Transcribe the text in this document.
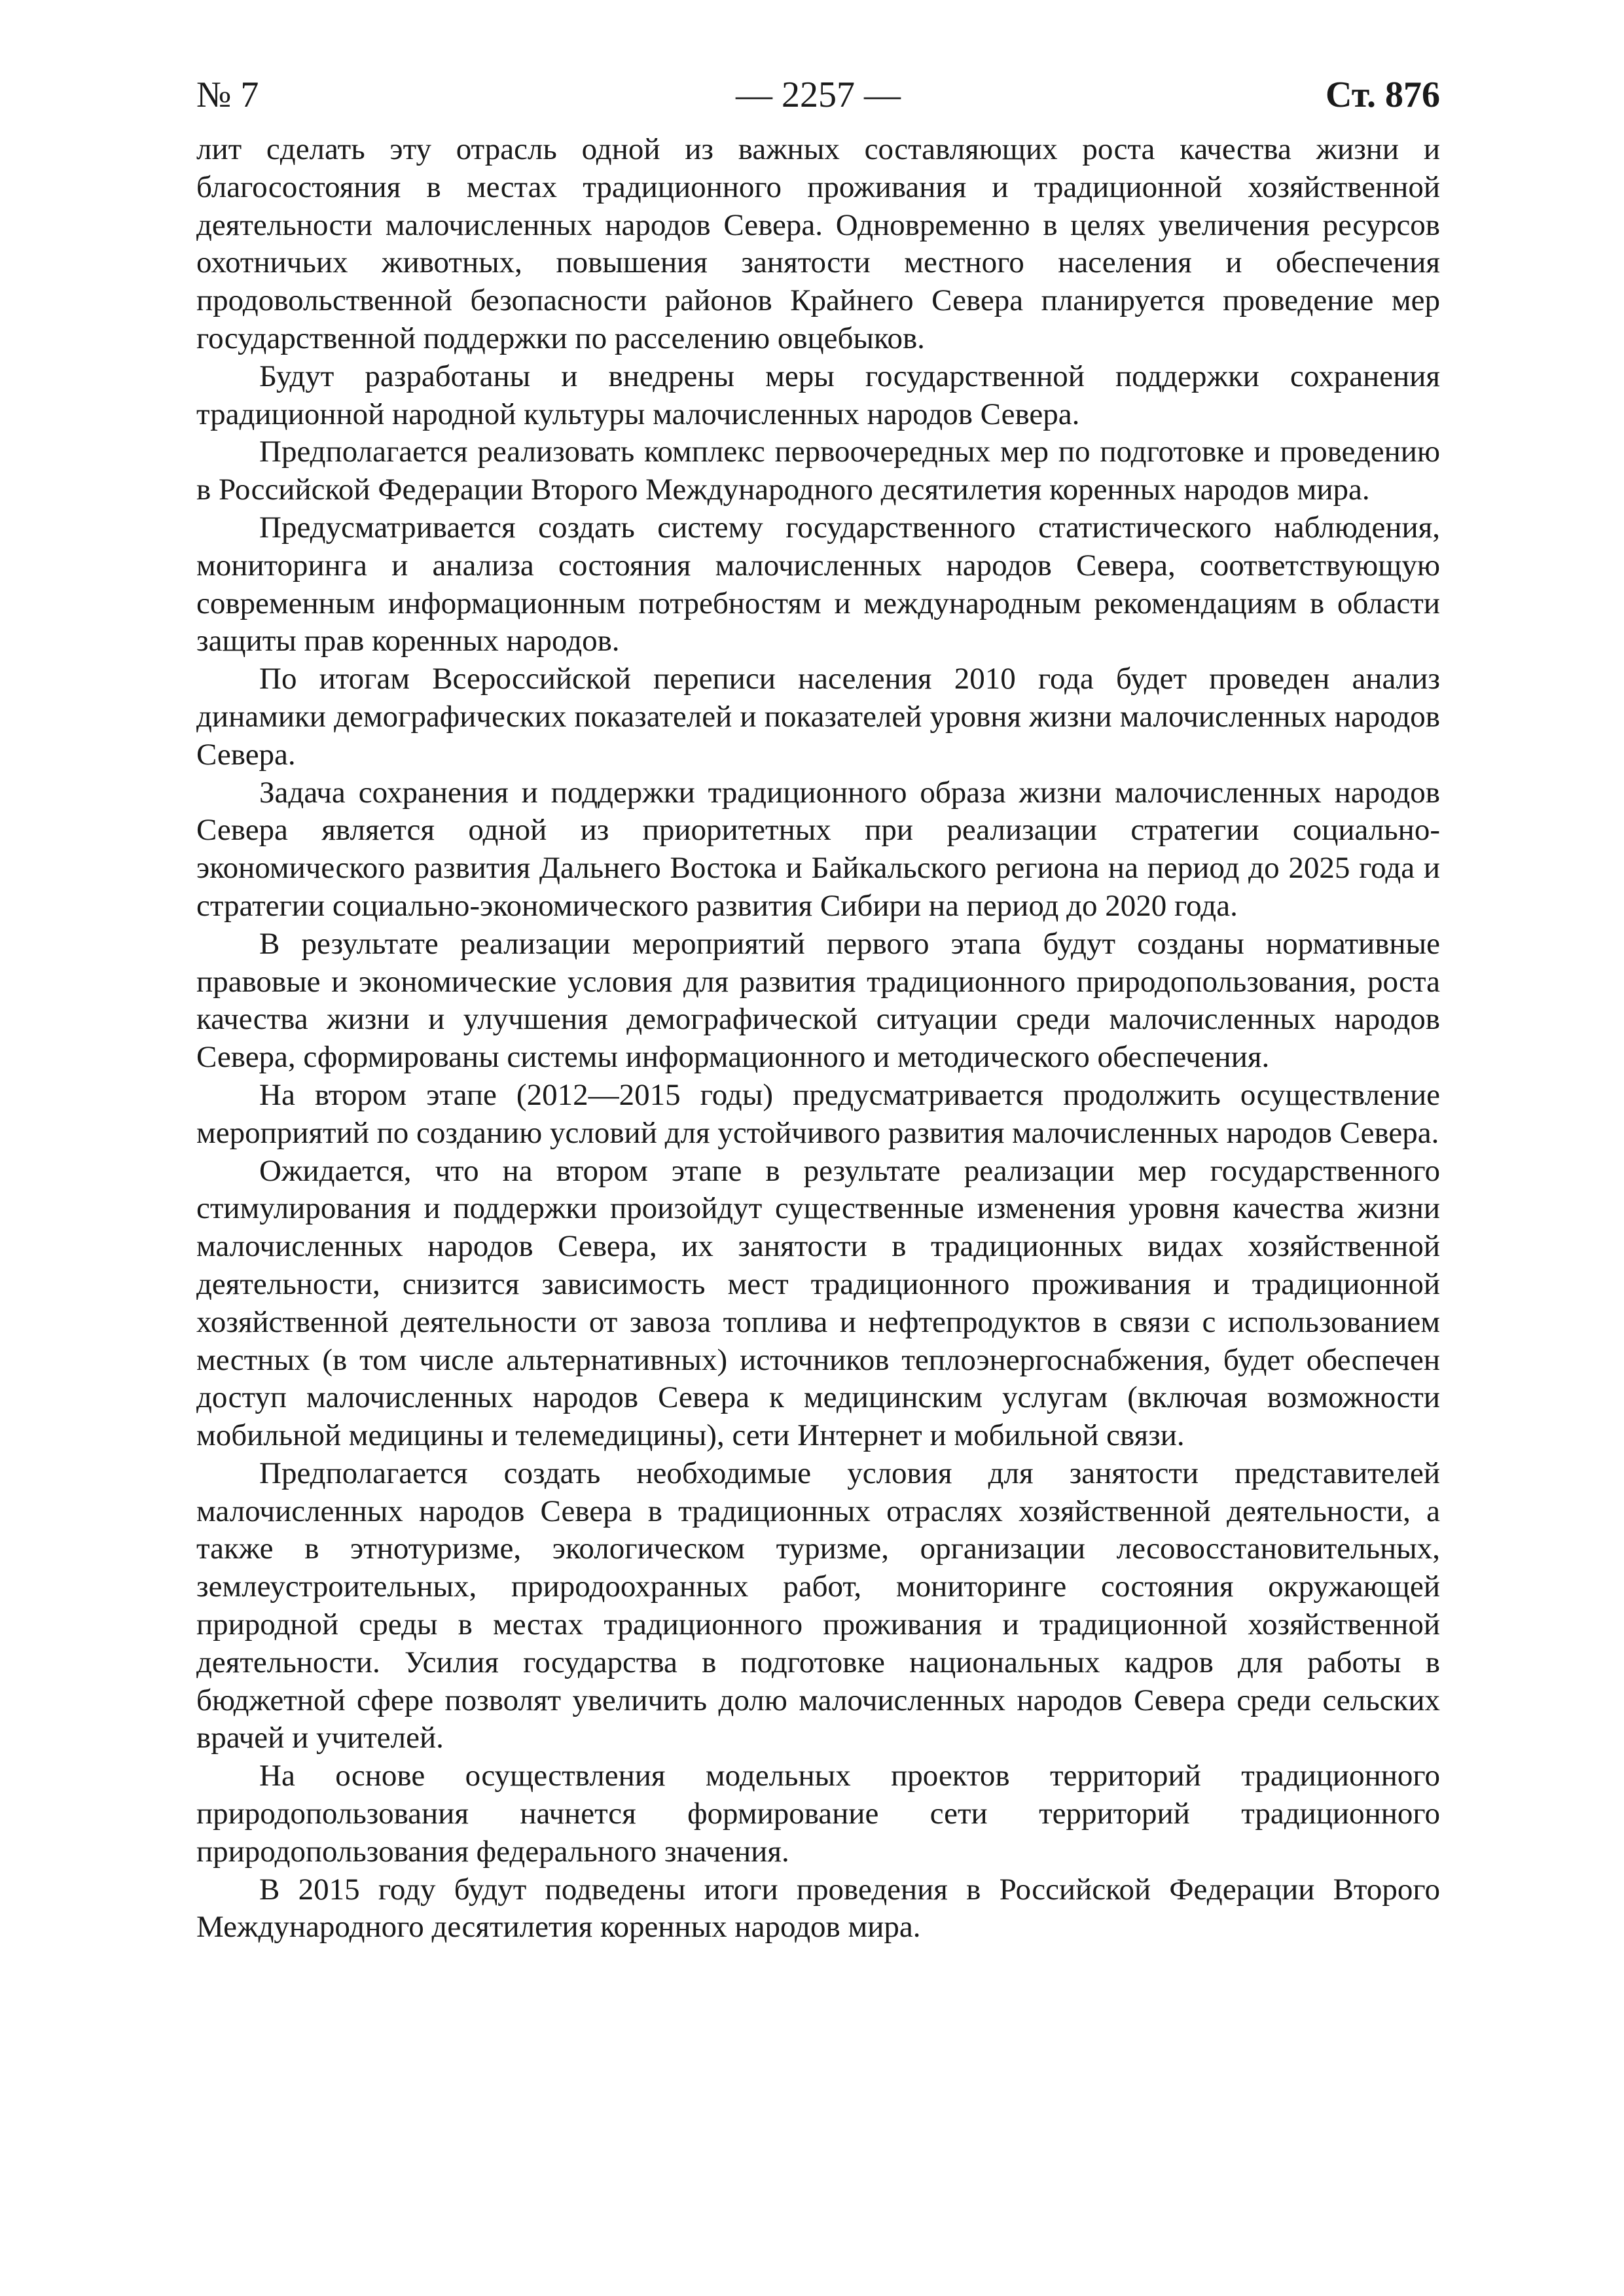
№ 7	— 2257 —	Ст. 876

лит сделать эту отрасль одной из важных составляющих роста качества жизни и благосостояния в местах традиционного проживания и традиционной хозяйственной деятельности малочисленных народов Севера. Одновременно в целях увеличения ресурсов охотничьих животных, повышения занятости местного населения и обеспечения продовольственной безопасности районов Крайнего Севера планируется проведение мер государственной поддержки по расселению овцебыков.

Будут разработаны и внедрены меры государственной поддержки сохранения традиционной народной культуры малочисленных народов Севера.

Предполагается реализовать комплекс первоочередных мер по подготовке и проведению в Российской Федерации Второго Международного десятилетия коренных народов мира.

Предусматривается создать систему государственного статистического наблюдения, мониторинга и анализа состояния малочисленных народов Севера, соответствующую современным информационным потребностям и международным рекомендациям в области защиты прав коренных народов.

По итогам Всероссийской переписи населения 2010 года будет проведен анализ динамики демографических показателей и показателей уровня жизни малочисленных народов Севера.

Задача сохранения и поддержки традиционного образа жизни малочисленных народов Севера является одной из приоритетных при реализации стратегии социально-экономического развития Дальнего Востока и Байкальского региона на период до 2025 года и стратегии социально-экономического развития Сибири на период до 2020 года.

В результате реализации мероприятий первого этапа будут созданы нормативные правовые и экономические условия для развития традиционного природопользования, роста качества жизни и улучшения демографической ситуации среди малочисленных народов Севера, сформированы системы информационного и методического обеспечения.

На втором этапе (2012—2015 годы) предусматривается продолжить осуществление мероприятий по созданию условий для устойчивого развития малочисленных народов Севера.

Ожидается, что на втором этапе в результате реализации мер государственного стимулирования и поддержки произойдут существенные изменения уровня качества жизни малочисленных народов Севера, их занятости в традиционных видах хозяйственной деятельности, снизится зависимость мест традиционного проживания и традиционной хозяйственной деятельности от завоза топлива и нефтепродуктов в связи с использованием местных (в том числе альтернативных) источников теплоэнергоснабжения, будет обеспечен доступ малочисленных народов Севера к медицинским услугам (включая возможности мобильной медицины и телемедицины), сети Интернет и мобильной связи.

Предполагается создать необходимые условия для занятости представителей малочисленных народов Севера в традиционных отраслях хозяйственной деятельности, а также в этнотуризме, экологическом туризме, организации лесовосстановительных, землеустроительных, природоохранных работ, мониторинге состояния окружающей природной среды в местах традиционного проживания и традиционной хозяйственной деятельности. Усилия государства в подготовке национальных кадров для работы в бюджетной сфере позволят увеличить долю малочисленных народов Севера среди сельских врачей и учителей.

На основе осуществления модельных проектов территорий традиционного природопользования начнется формирование сети территорий традиционного природопользования федерального значения.

В 2015 году будут подведены итоги проведения в Российской Федерации Второго Международного десятилетия коренных народов мира.
